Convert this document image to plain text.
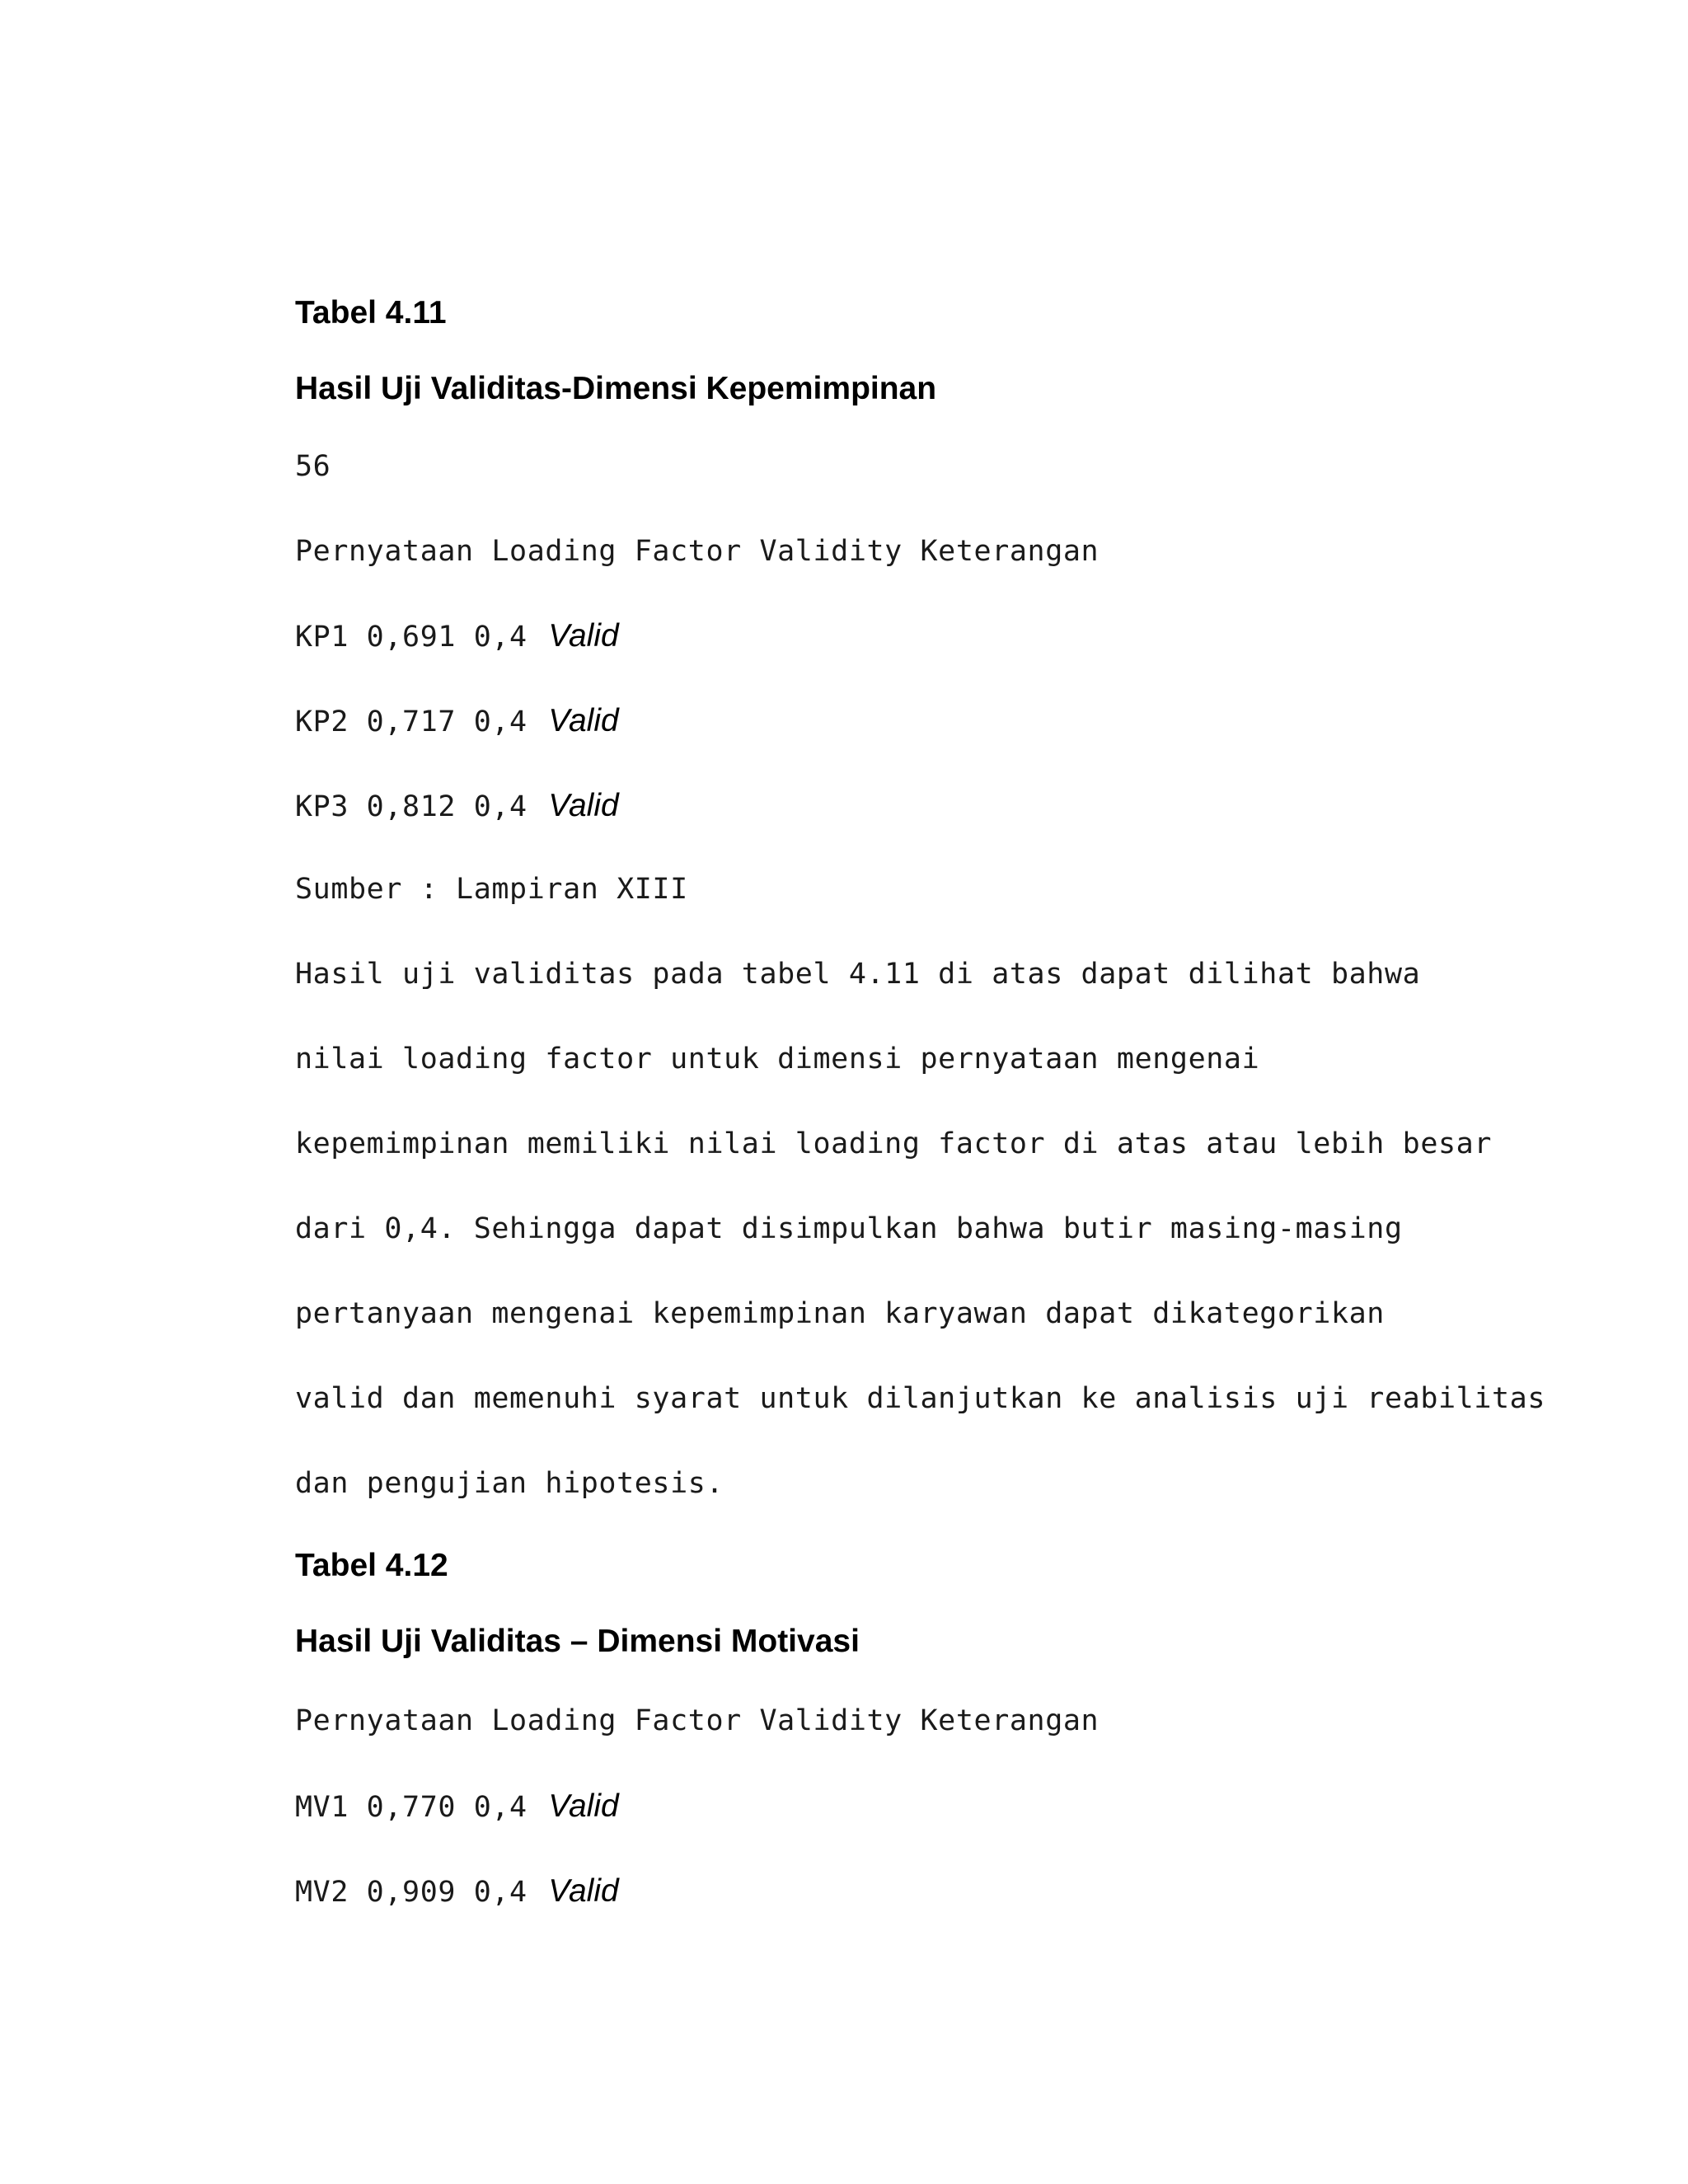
Tabel 4.11
Hasil Uji Validitas-Dimensi Kepemimpinan
56
Pernyataan Loading Factor Validity Keterangan
KP1 0,691 0,4 Valid
KP2 0,717 0,4 Valid
KP3 0,812 0,4 Valid
Sumber : Lampiran XIII
Hasil uji validitas pada tabel 4.11 di atas dapat dilihat bahwa
nilai loading factor untuk dimensi pernyataan mengenai
kepemimpinan memiliki nilai loading factor di atas atau lebih besar
dari 0,4. Sehingga dapat disimpulkan bahwa butir masing-masing
pertanyaan mengenai kepemimpinan karyawan dapat dikategorikan
valid dan memenuhi syarat untuk dilanjutkan ke analisis uji reabilitas
dan pengujian hipotesis.
Tabel 4.12
Hasil Uji Validitas – Dimensi Motivasi
Pernyataan Loading Factor Validity Keterangan
MV1 0,770 0,4 Valid
MV2 0,909 0,4 Valid
